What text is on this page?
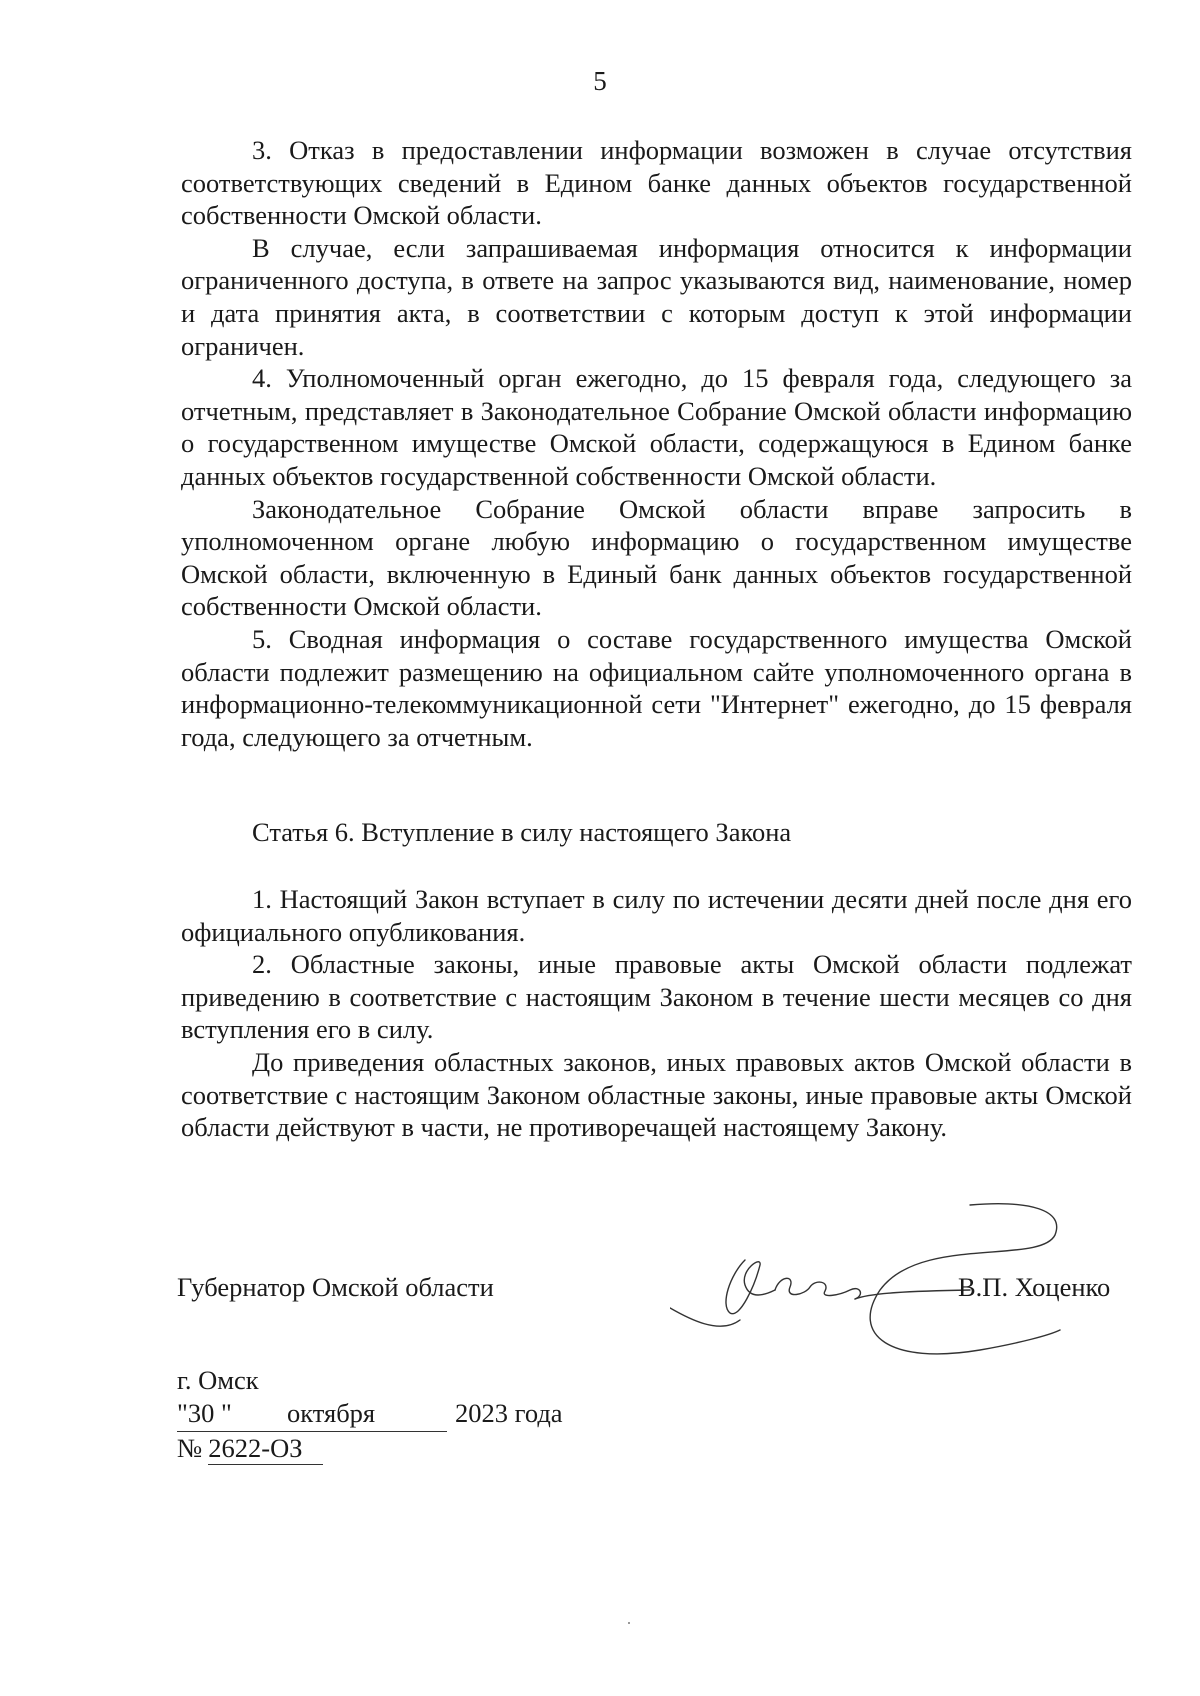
5

3. Отказ в предоставлении информации возможен в случае отсутствия соответствующих сведений в Едином банке данных объектов государственной собственности Омской области.

В случае, если запрашиваемая информация относится к информации ограниченного доступа, в ответе на запрос указываются вид, наименование, номер и дата принятия акта, в соответствии с которым доступ к этой информации ограничен.

4. Уполномоченный орган ежегодно, до 15 февраля года, следующего за отчетным, представляет в Законодательное Собрание Омской области информацию о государственном имуществе Омской области, содержащуюся в Едином банке данных объектов государственной собственности Омской области.

Законодательное Собрание Омской области вправе запросить в уполномоченном органе любую информацию о государственном имуществе Омской области, включенную в Единый банк данных объектов государственной собственности Омской области.

5. Сводная информация о составе государственного имущества Омской области подлежит размещению на официальном сайте уполномоченного органа в информационно-телекоммуникационной сети "Интернет" ежегодно, до 15 февраля года, следующего за отчетным.

Статья 6. Вступление в силу настоящего Закона

1. Настоящий Закон вступает в силу по истечении десяти дней после дня его официального опубликования.

2. Областные законы, иные правовые акты Омской области подлежат приведению в соответствие с настоящим Законом в течение шести месяцев со дня вступления его в силу.

До приведения областных законов, иных правовых актов Омской области в соответствие с настоящим Законом областные законы, иные правовые акты Омской области действуют в части, не противоречащей настоящему Закону.

Губернатор Омской области	В.П. Хоценко
г. Омск
"30 " октября	2023 года
№ 2622-ОЗ
